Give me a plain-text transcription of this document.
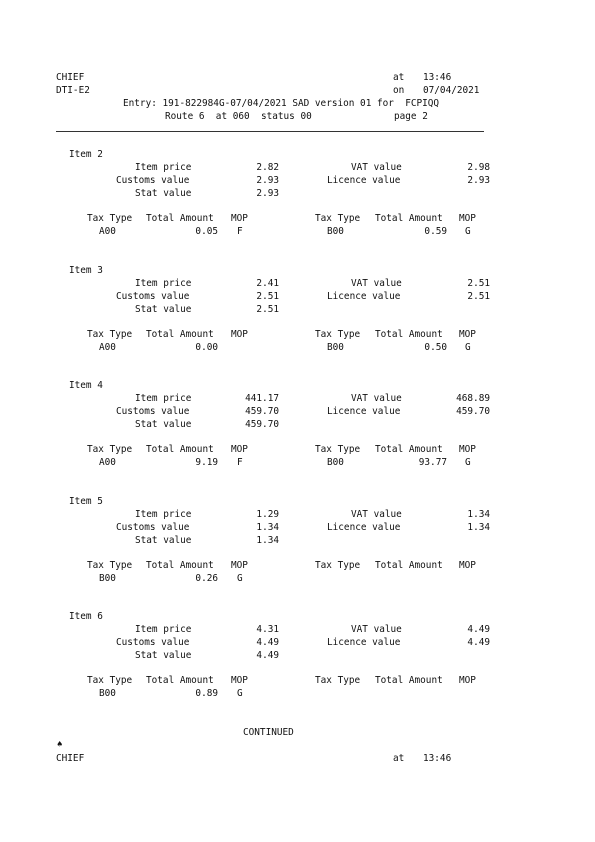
CHIEF	at 13:46
DTI-E2	on 07/04/2021
Entry: 191-822984G-07/04/2021 SAD version 01 for  FCPIQQ
Route 6  at 060  status 00	page 2
Item 2
Item price	2.82	VAT value	2.98
Customs value	2.93	Licence value	2.93
Stat value	2.93
Tax Type Total Amount MOP	Tax Type Total Amount MOP
A00	0.05 F	B00	0.59 G
Item 3
Item price	2.41	VAT value	2.51
Customs value	2.51	Licence value	2.51
Stat value	2.51
Tax Type Total Amount MOP	Tax Type Total Amount MOP
A00	0.00	B00	0.50 G
Item 4
Item price	441.17	VAT value	468.89
Customs value	459.70	Licence value	459.70
Stat value	459.70
Tax Type Total Amount MOP	Tax Type Total Amount MOP
A00	9.19 F	B00	93.77 G
Item 5
Item price	1.29	VAT value	1.34
Customs value	1.34	Licence value	1.34
Stat value	1.34
Tax Type Total Amount MOP	Tax Type Total Amount MOP
B00	0.26 G
Item 6
Item price	4.31	VAT value	4.49
Customs value	4.49	Licence value	4.49
Stat value	4.49
Tax Type Total Amount MOP	Tax Type Total Amount MOP
B00	0.89 G
CONTINUED
♠
CHIEF	at 13:46
